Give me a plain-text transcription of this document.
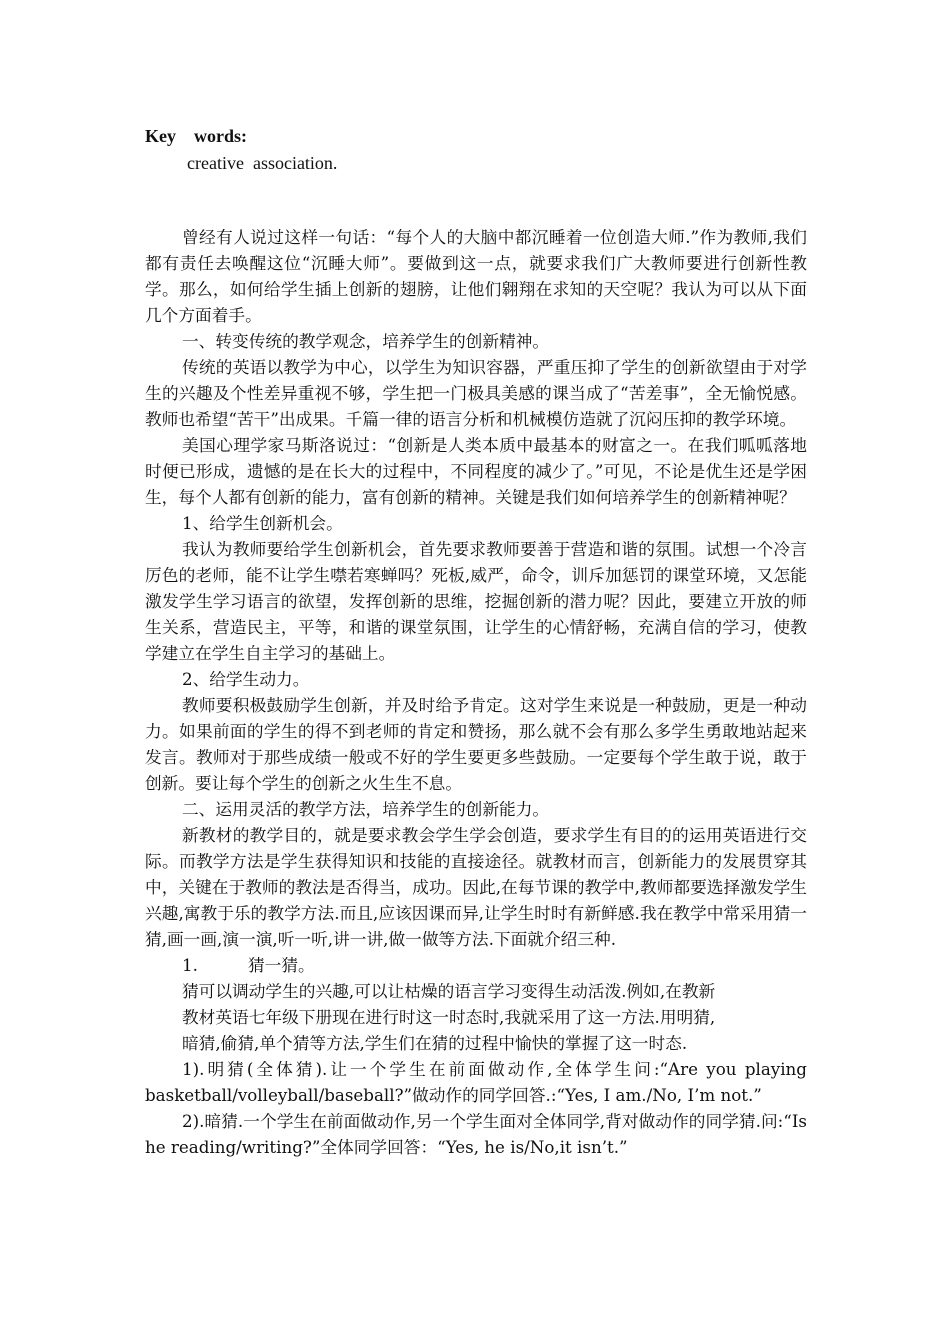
Key    words:
creative  association.

曾经有人说过这样一句话：“每个人的大脑中都沉睡着一位创造大师.”作为教师,我们都有责任去唤醒这位“沉睡大师”。要做到这一点，就要求我们广大教师要进行创新性教学。那么，如何给学生插上创新的翅膀，让他们翱翔在求知的天空呢？我认为可以从下面几个方面着手。

一、转变传统的教学观念，培养学生的创新精神。

传统的英语以教学为中心，以学生为知识容器，严重压抑了学生的创新欲望由于对学生的兴趣及个性差异重视不够，学生把一门极具美感的课当成了“苦差事”，全无愉悦感。教师也希望“苦干”出成果。千篇一律的语言分析和机械模仿造就了沉闷压抑的教学环境。

美国心理学家马斯洛说过：“创新是人类本质中最基本的财富之一。在我们呱呱落地时便已形成，遗憾的是在长大的过程中，不同程度的减少了。”可见，不论是优生还是学困生，每个人都有创新的能力，富有创新的精神。关键是我们如何培养学生的创新精神呢？

1、给学生创新机会。

我认为教师要给学生创新机会，首先要求教师要善于营造和谐的氛围。试想一个冷言厉色的老师，能不让学生噤若寒蝉吗？死板,威严，命令，训斥加惩罚的课堂环境，又怎能激发学生学习语言的欲望，发挥创新的思维，挖掘创新的潜力呢？因此，要建立开放的师生关系，营造民主，平等，和谐的课堂氛围，让学生的心情舒畅，充满自信的学习，使教学建立在学生自主学习的基础上。

2、给学生动力。

教师要积极鼓励学生创新，并及时给予肯定。这对学生来说是一种鼓励，更是一种动力。如果前面的学生的得不到老师的肯定和赞扬，那么就不会有那么多学生勇敢地站起来发言。教师对于那些成绩一般或不好的学生要更多些鼓励。一定要每个学生敢于说，敢于创新。要让每个学生的创新之火生生不息。

二、运用灵活的教学方法，培养学生的创新能力。

新教材的教学目的，就是要求教会学生学会创造，要求学生有目的的运用英语进行交际。而教学方法是学生获得知识和技能的直接途径。就教材而言，创新能力的发展贯穿其中，关键在于教师的教法是否得当，成功。因此,在每节课的教学中,教师都要选择激发学生兴趣,寓教于乐的教学方法.而且,应该因课而异,让学生时时有新鲜感.我在教学中常采用猜一猜,画一画,演一演,听一听,讲一讲,做一做等方法.下面就介绍三种.

1.	猜一猜。

猜可以调动学生的兴趣,可以让枯燥的语言学习变得生动活泼.例如,在教新

教材英语七年级下册现在进行时这一时态时,我就采用了这一方法.用明猜,

暗猜,偷猜,单个猜等方法,学生们在猜的过程中愉快的掌握了这一时态.

1).明猜(全体猜).让一个学生在前面做动作,全体学生问:“Are you playing basketball/volleyball/baseball?”做动作的同学回答.:“Yes, I am./No, I’m not.”

2).暗猜.一个学生在前面做动作,另一个学生面对全体同学,背对做动作的同学猜.问:“Is he reading/writing?”全体同学回答：“Yes, he is/No,it isn’t.”
